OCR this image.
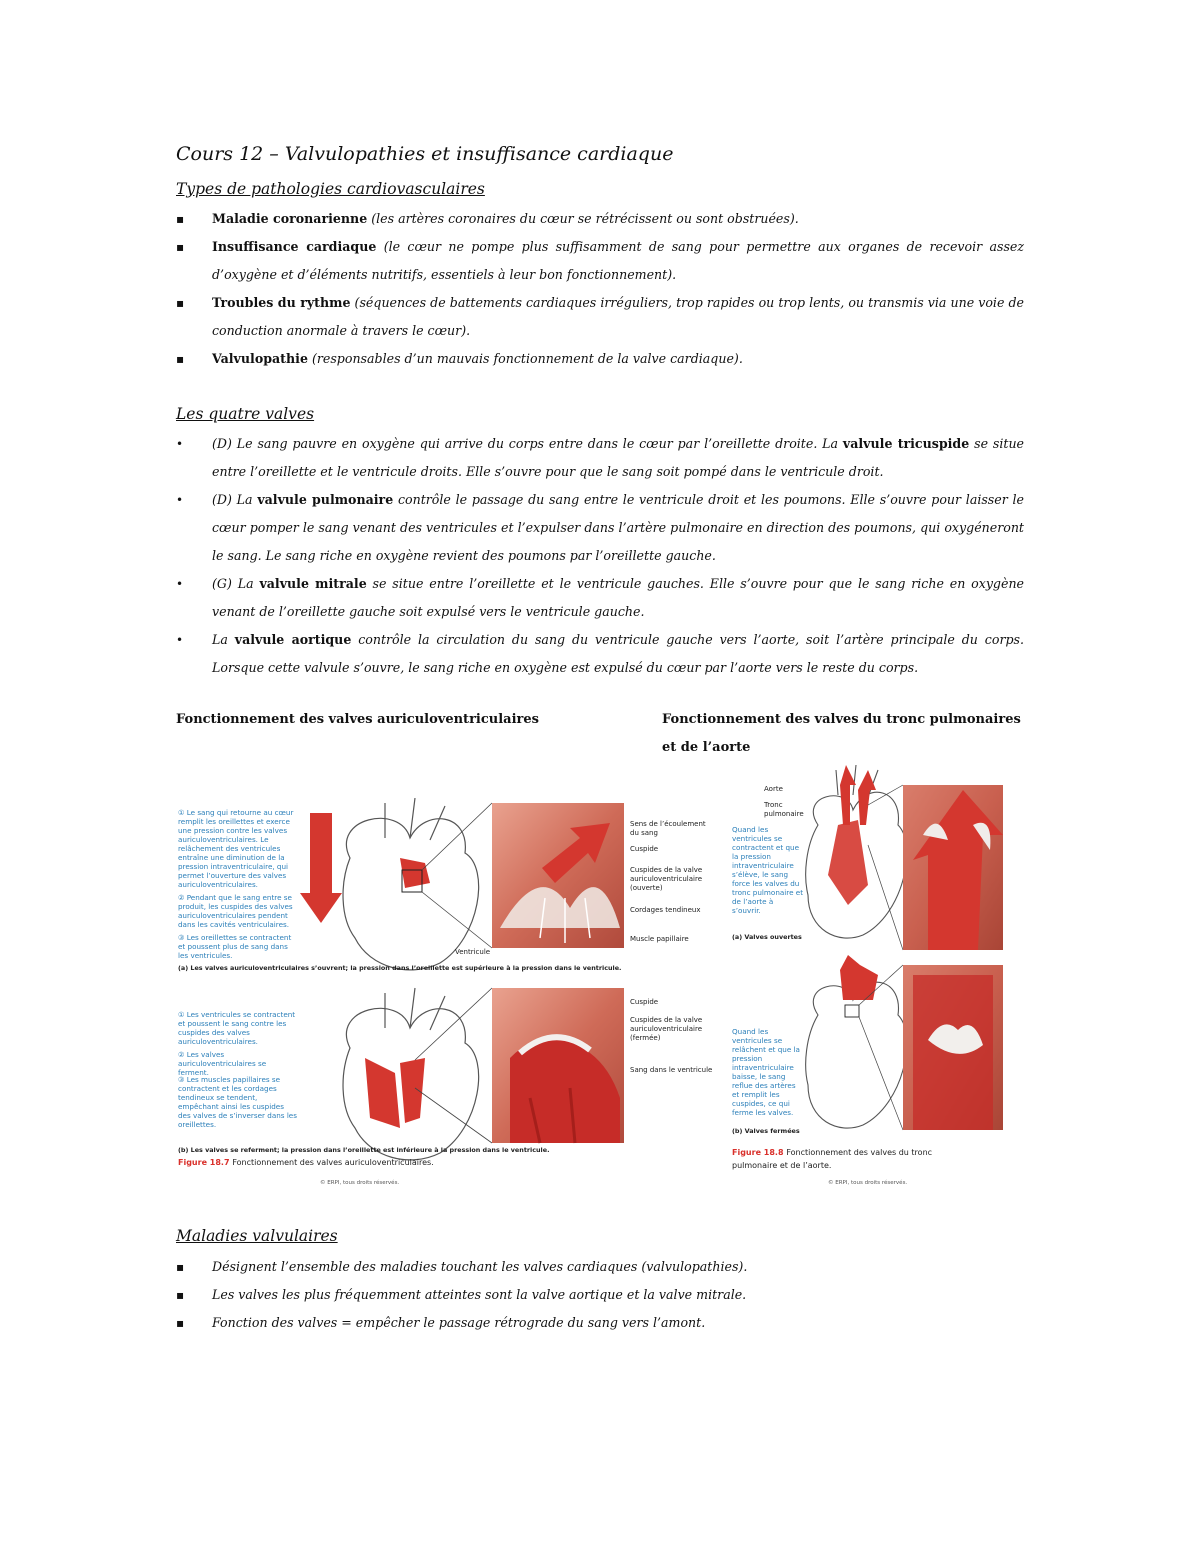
Cours 12 – Valvulopathies et insuffisance cardiaque
Types de pathologies cardiovasculaires
▪ Maladie coronarienne (les artères coronaires du cœur se rétrécissent ou sont obstruées).
▪ Insuffisance cardiaque (le cœur ne pompe plus suffisamment de sang pour permettre aux organes de recevoir assez d’oxygène et d’éléments nutritifs, essentiels à leur bon fonctionnement).
▪ Troubles du rythme (séquences de battements cardiaques irréguliers, trop rapides ou trop lents, ou transmis via une voie de conduction anormale à travers le cœur).
▪ Valvulopathie (responsables d’un mauvais fonctionnement de la valve cardiaque).
Les quatre valves
• (D) Le sang pauvre en oxygène qui arrive du corps entre dans le cœur par l’oreillette droite. La valvule tricuspide se situe entre l’oreillette et le ventricule droits. Elle s’ouvre pour que le sang soit pompé dans le ventricule droit.
• (D) La valvule pulmonaire contrôle le passage du sang entre le ventricule droit et les poumons. Elle s’ouvre pour laisser le cœur pomper le sang venant des ventricules et l’expulser dans l’artère pulmonaire en direction des poumons, qui oxygéneront le sang. Le sang riche en oxygène revient des poumons par l’oreillette gauche.
• (G) La valvule mitrale se situe entre l’oreillette et le ventricule gauches. Elle s’ouvre pour que le sang riche en oxygène venant de l’oreillette gauche soit expulsé vers le ventricule gauche.
• La valvule aortique contrôle la circulation du sang du ventricule gauche vers l’aorte, soit l’artère principale du corps. Lorsque cette valvule s’ouvre, le sang riche en oxygène est expulsé du cœur par l’aorte vers le reste du corps.
Fonctionnement des valves auriculoventriculaires	Fonctionnement des valves du tronc pulmonaires
et de l’aorte
① Le sang qui retourne au cœur remplit les oreillettes et exerce une pression contre les valves auriculoventriculaires. Le relâchement des ventricules entraîne une diminution de la pression intraventriculaire, qui permet l’ouverture des valves auriculoventriculaires.
② Pendant que le sang entre se produit, les cuspides des valves auriculoventriculaires pendent dans les cavités ventriculaires.
③ Les oreillettes se contractent et poussent plus de sang dans les ventricules.
Sens de l’écoulement du sang
Cuspide
Cuspides de la valve auriculoventriculaire (ouverte)
Cordages tendineux
Muscle papillaire
Ventricule
(a) Les valves auriculoventriculaires s’ouvrent; la pression dans l’oreillette est supérieure à la pression dans le ventricule.
① Les ventricules se contractent et poussent le sang contre les cuspides des valves auriculoventriculaires.
② Les valves auriculoventriculaires se ferment.
③ Les muscles papillaires se contractent et les cordages tendineux se tendent, empêchant ainsi les cuspides des valves de s’inverser dans les oreillettes.
Cuspide
Cuspides de la valve auriculoventriculaire (fermée)
Sang dans le ventricule
(b) Les valves se referment; la pression dans l’oreillette est inférieure à la pression dans le ventricule.
Figure 18.7 Fonctionnement des valves auriculoventriculaires.
© ERPI, tous droits réservés.
Aorte
Tronc pulmonaire
Quand les ventricules se contractent et que la pression intraventriculaire s’élève, le sang force les valves du tronc pulmonaire et de l’aorte à s’ouvrir.
(a) Valves ouvertes
Quand les ventricules se relâchent et que la pression intraventriculaire baisse, le sang reflue des artères et remplit les cuspides, ce qui ferme les valves.
(b) Valves fermées
Figure 18.8 Fonctionnement des valves du tronc
pulmonaire et de l’aorte.
© ERPI, tous droits réservés.
Maladies valvulaires
▪ Désignent l’ensemble des maladies touchant les valves cardiaques (valvulopathies).
▪ Les valves les plus fréquemment atteintes sont la valve aortique et la valve mitrale.
▪ Fonction des valves = empêcher le passage rétrograde du sang vers l’amont.
